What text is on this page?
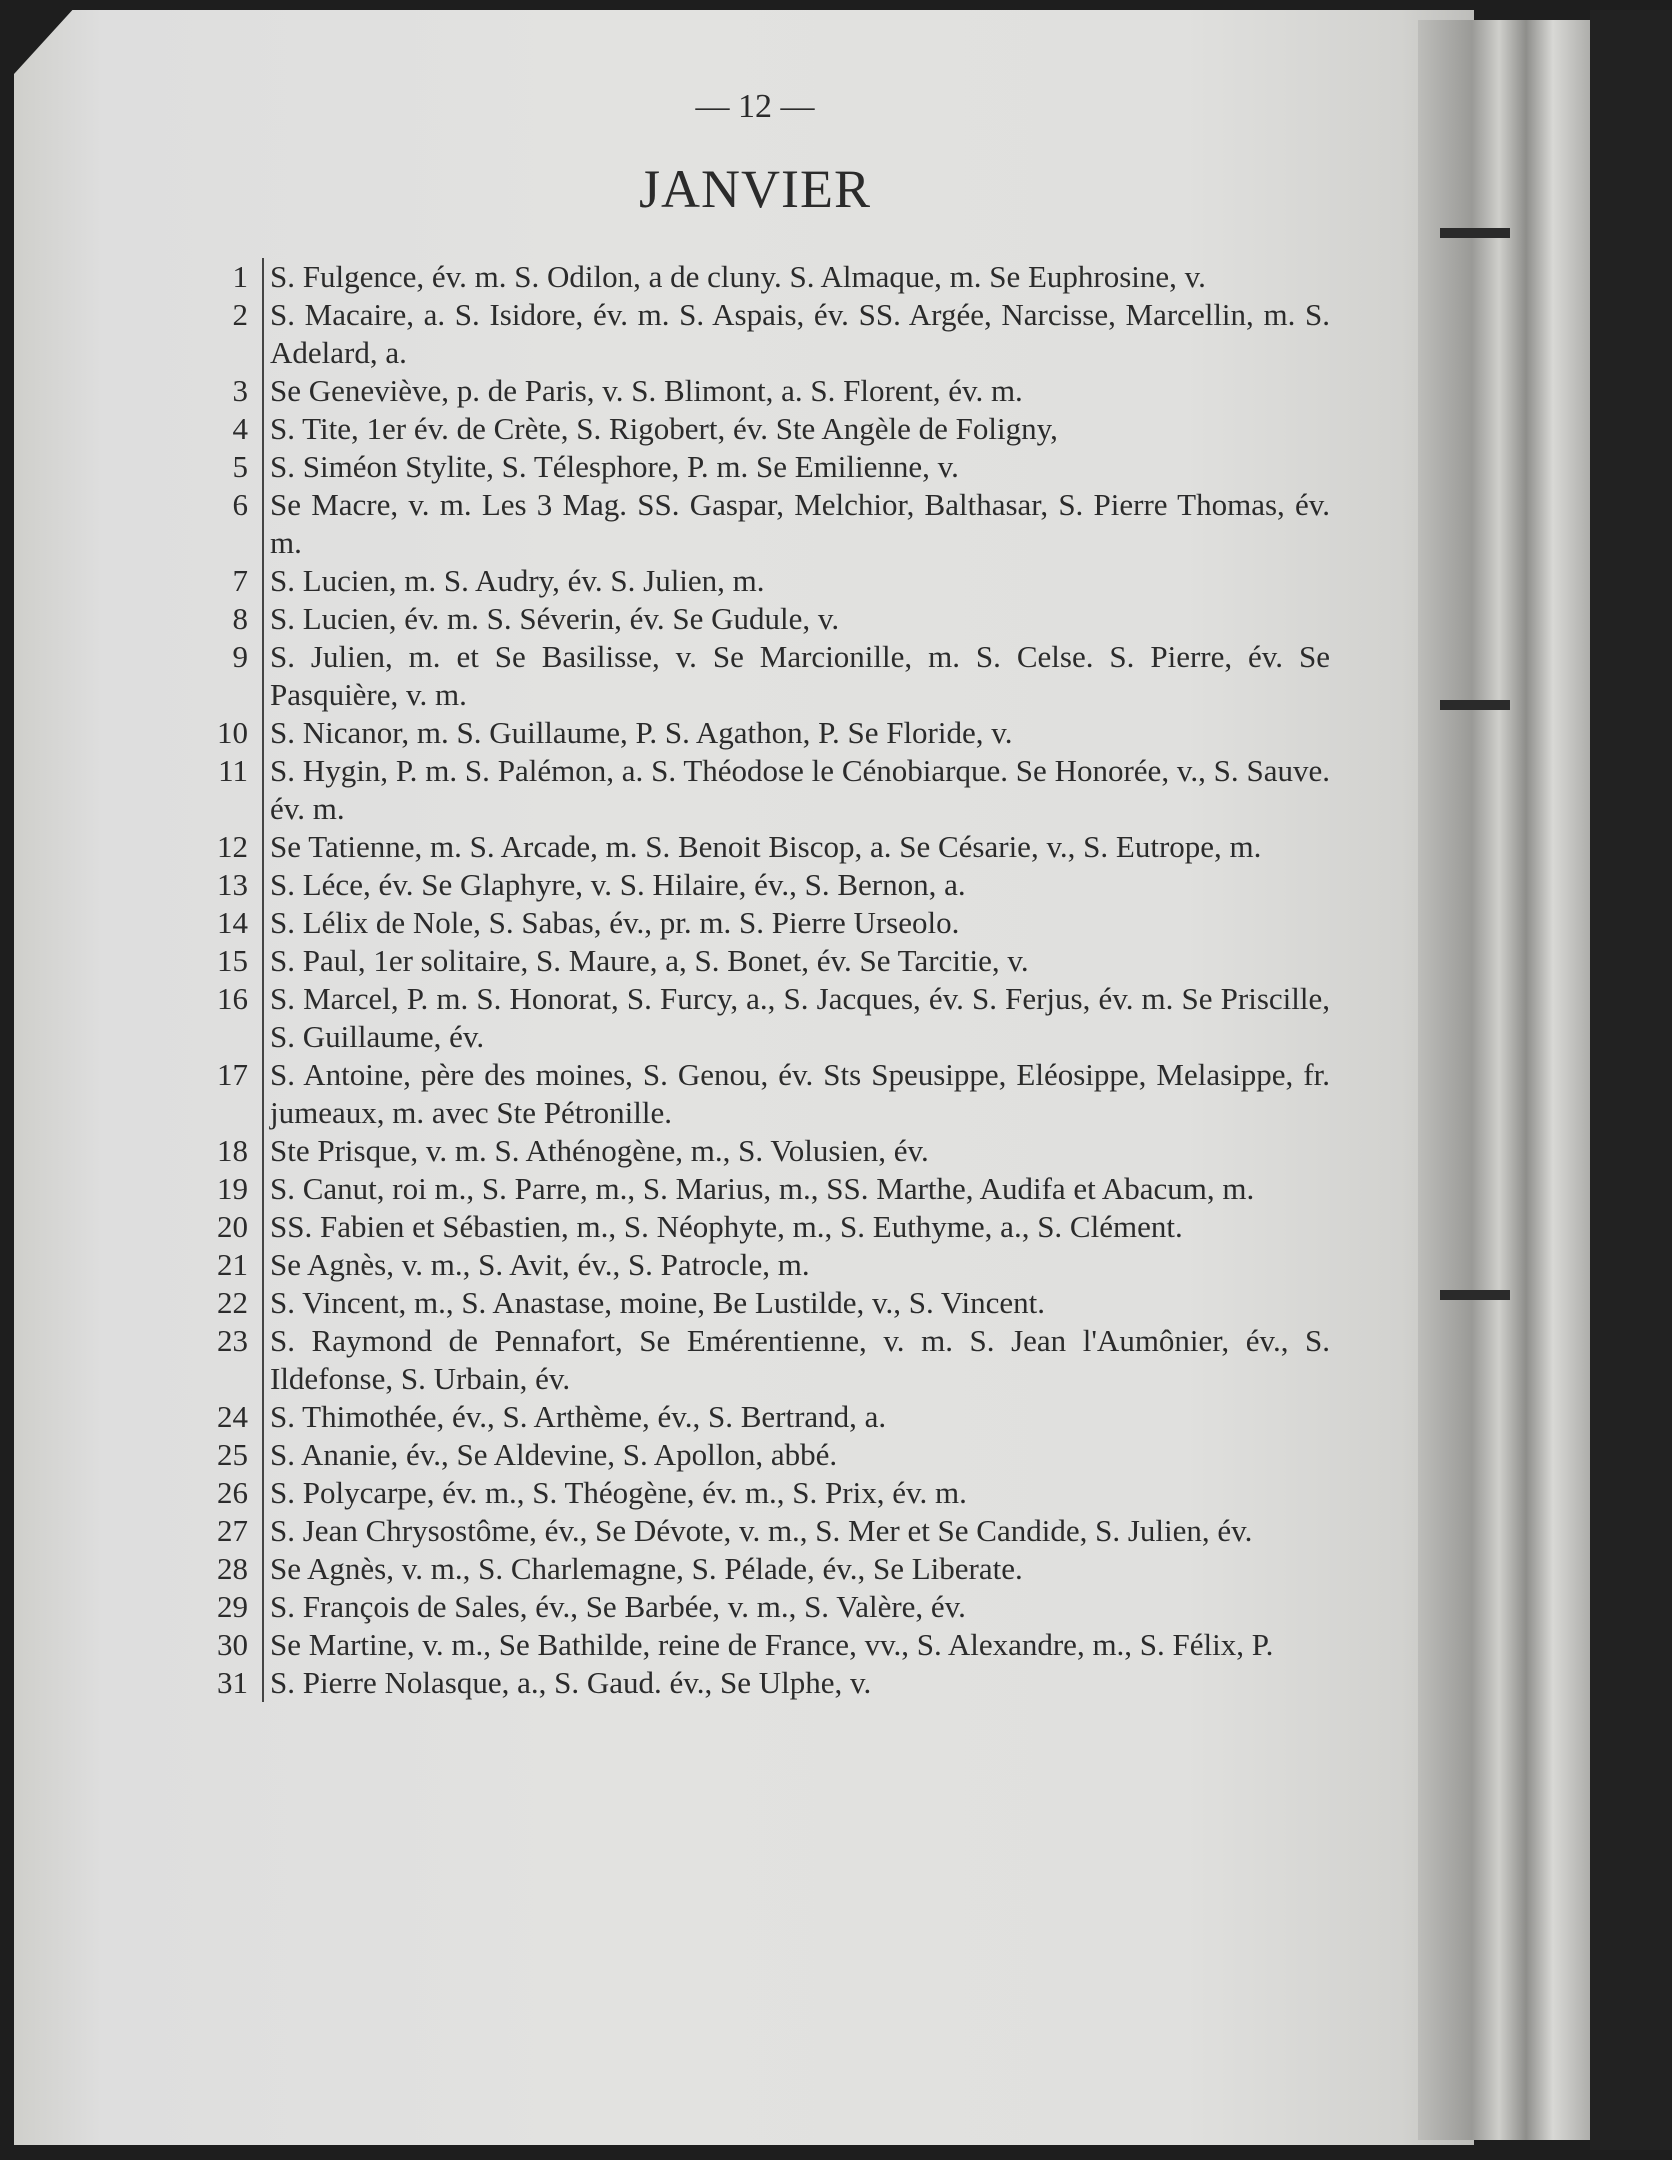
— 12 —
JANVIER
1 S. Fulgence, év. m. S. Odilon, a de cluny. S. Almaque, m. Se Euphrosine, v.
2 S. Macaire, a. S. Isidore, év. m. S. Aspais, év. SS. Argée, Narcisse, Marcellin, m. S. Adelard, a.
3 Se Geneviève, p. de Paris, v. S. Blimont, a. S. Florent, év. m.
4 S. Tite, 1er év. de Crète, S. Rigobert, év. Ste Angèle de Foligny,
5 S. Siméon Stylite, S. Télesphore, P. m. Se Emilienne, v.
6 Se Macre, v. m. Les 3 Mag. SS. Gaspar, Melchior, Balthasar, S. Pierre Thomas, év. m.
7 S. Lucien, m. S. Audry, év. S. Julien, m.
8 S. Lucien, év. m. S. Séverin, év. Se Gudule, v.
9 S. Julien, m. et Se Basilisse, v. Se Marcionille, m. S. Celse. S. Pierre, év. Se Pasquière, v. m.
10 S. Nicanor, m. S. Guillaume, P. S. Agathon, P. Se Floride, v.
11 S. Hygin, P. m. S. Palémon, a. S. Théodose le Cénobiarque. Se Honorée, v., S. Sauve. év. m.
12 Se Tatienne, m. S. Arcade, m. S. Benoit Biscop, a. Se Césarie, v., S. Eutrope, m.
13 S. Léce, év. Se Glaphyre, v. S. Hilaire, év., S. Bernon, a.
14 S. Lélix de Nole, S. Sabas, év., pr. m. S. Pierre Urseolo.
15 S. Paul, 1er solitaire, S. Maure, a, S. Bonet, év. Se Tarcitie, v.
16 S. Marcel, P. m. S. Honorat, S. Furcy, a., S. Jacques, év. S. Ferjus, év. m. Se Priscille, S. Guillaume, év.
17 S. Antoine, père des moines, S. Genou, év. Sts Speusippe, Eléosippe, Melasippe, fr. jumeaux, m. avec Ste Pétronille.
18 Ste Prisque, v. m. S. Athénogène, m., S. Volusien, év.
19 S. Canut, roi m., S. Parre, m., S. Marius, m., SS. Marthe, Audifa et Abacum, m.
20 SS. Fabien et Sébastien, m., S. Néophyte, m., S. Euthyme, a., S. Clément.
21 Se Agnès, v. m., S. Avit, év., S. Patrocle, m.
22 S. Vincent, m., S. Anastase, moine, Be Lustilde, v., S. Vincent.
23 S. Raymond de Pennafort, Se Emérentienne, v. m. S. Jean l'Aumônier, év., S. Ildefonse, S. Urbain, év.
24 S. Thimothée, év., S. Arthème, év., S. Bertrand, a.
25 S. Ananie, év., Se Aldevine, S. Apollon, abbé.
26 S. Polycarpe, év. m., S. Théogène, év. m., S. Prix, év. m.
27 S. Jean Chrysostôme, év., Se Dévote, v. m., S. Mer et Se Candide, S. Julien, év.
28 Se Agnès, v. m., S. Charlemagne, S. Pélade, év., Se Liberate.
29 S. François de Sales, év., Se Barbée, v. m., S. Valère, év.
30 Se Martine, v. m., Se Bathilde, reine de France, vv., S. Alexandre, m., S. Félix, P.
31 S. Pierre Nolasque, a., S. Gaud. év., Se Ulphe, v.
